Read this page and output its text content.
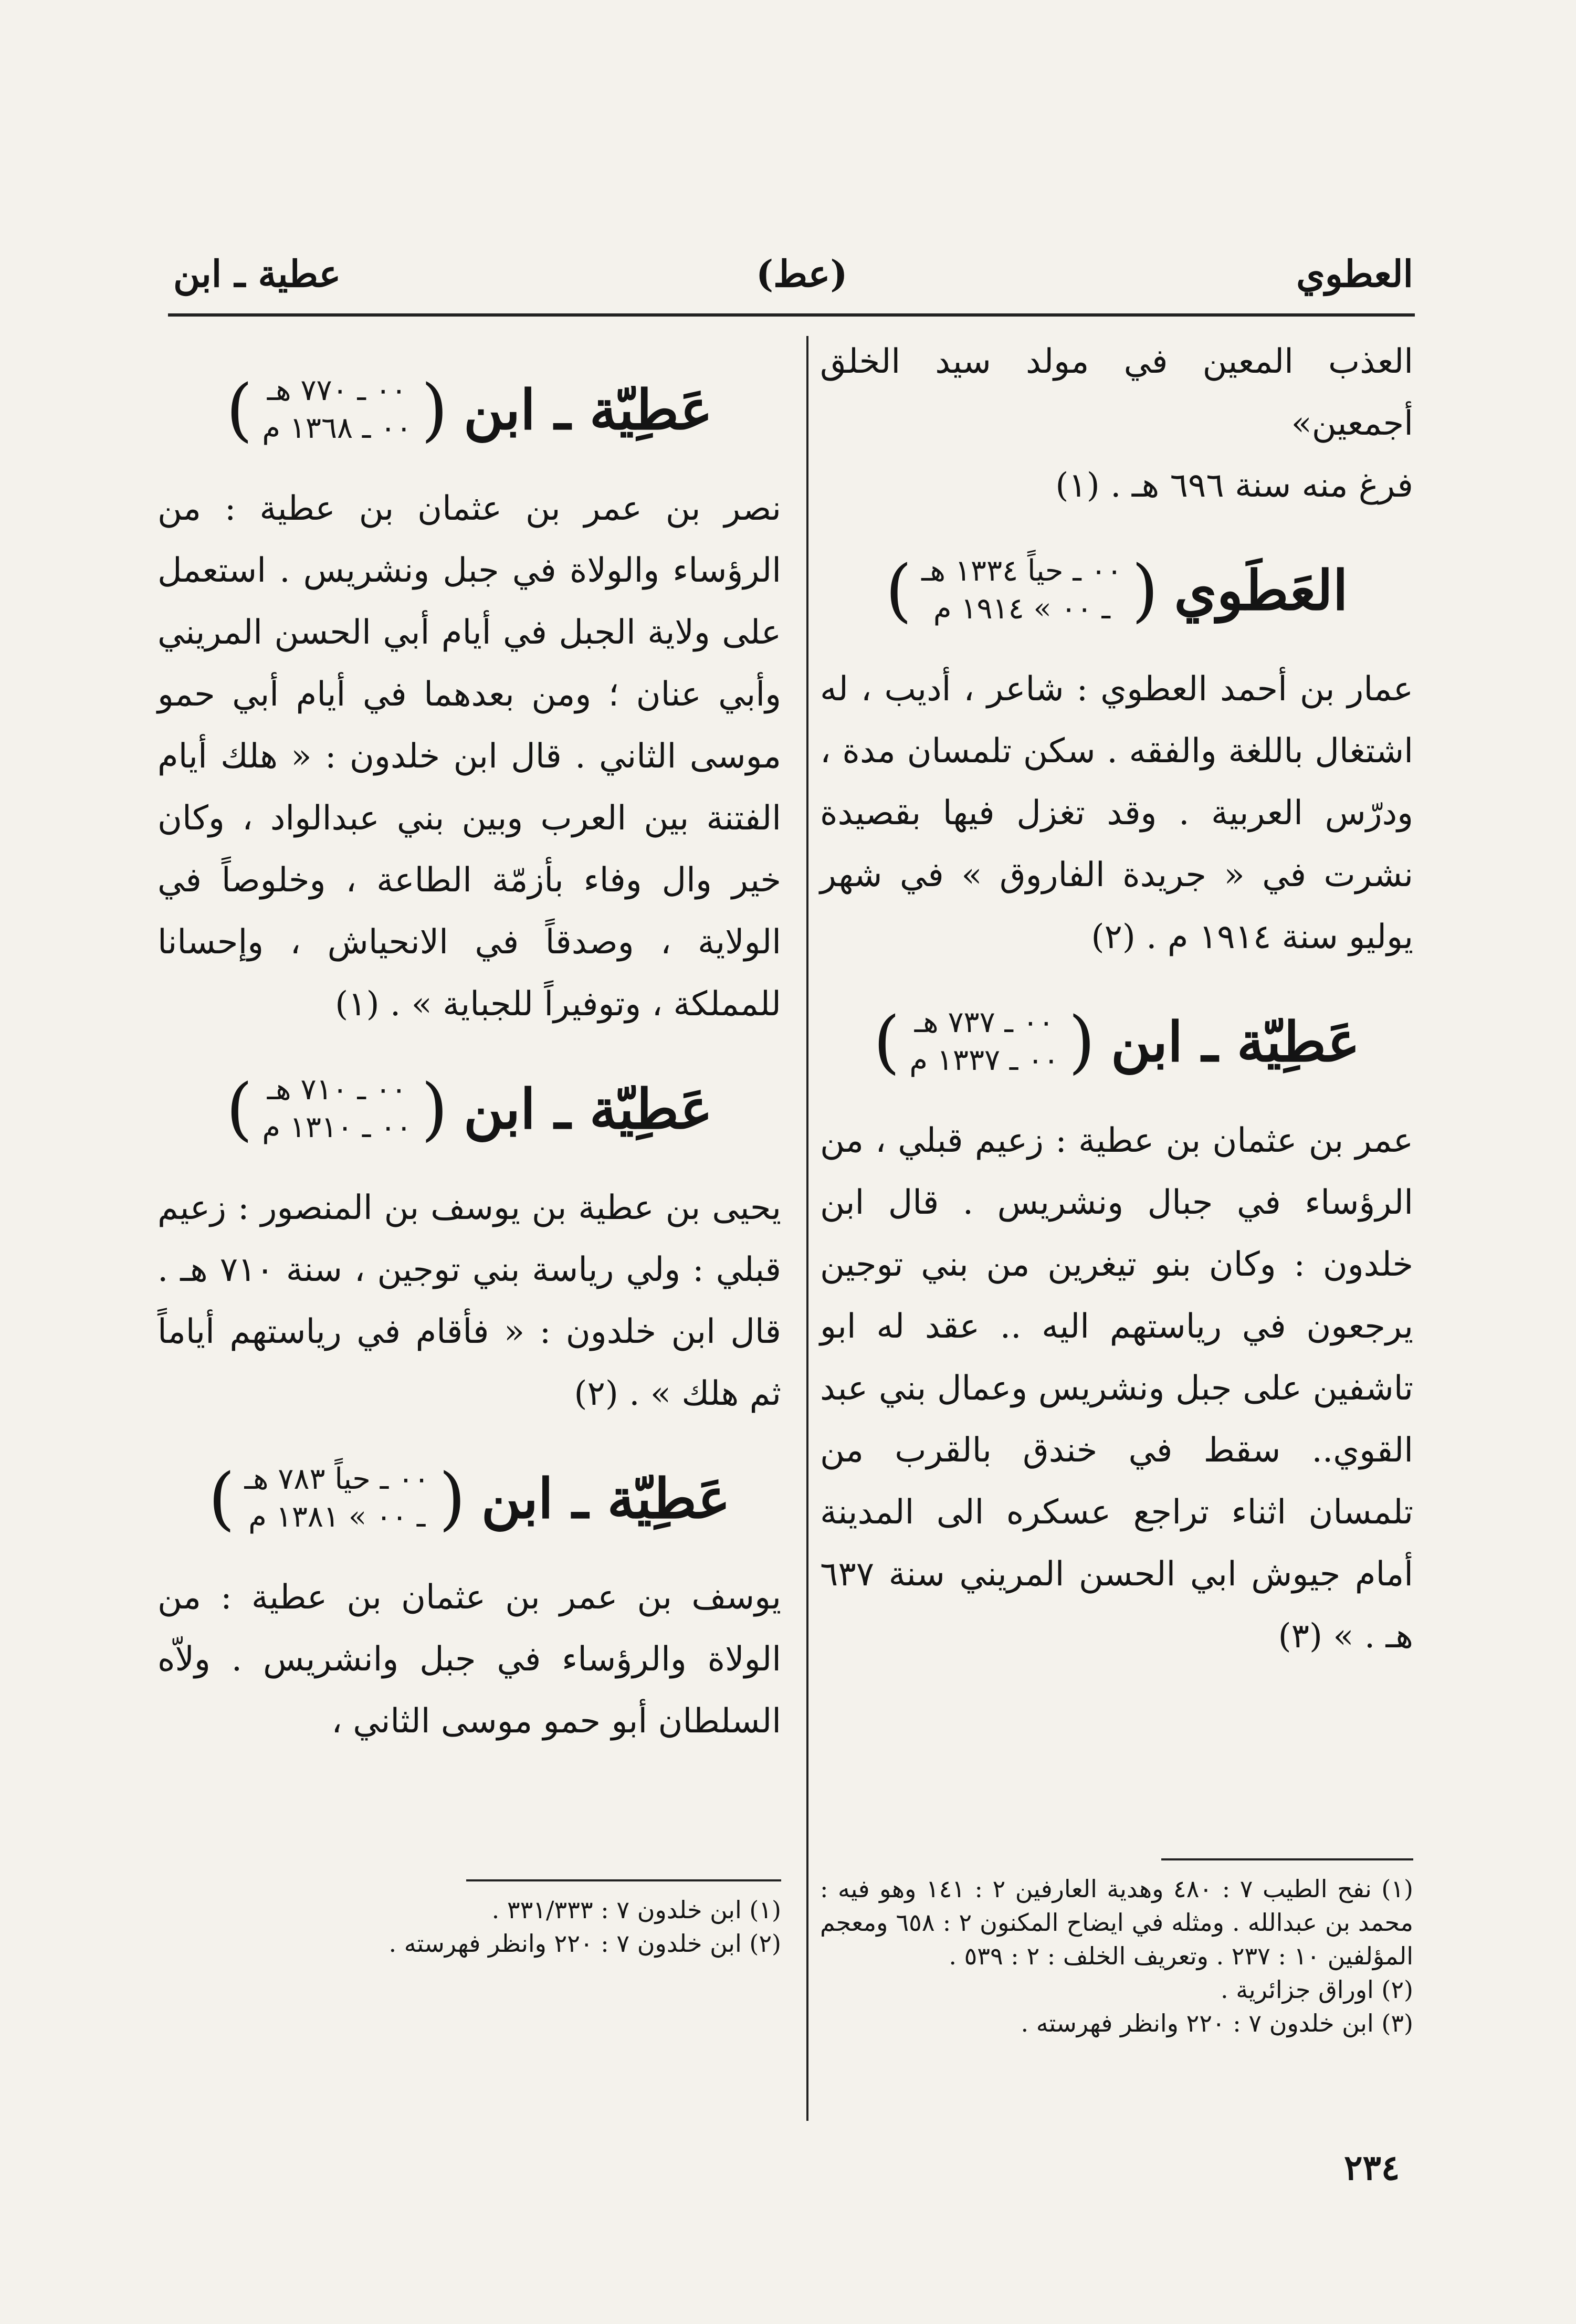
العطوي
(عط)
عطية ـ ابن

العذب المعين في مولد سيد الخلق أجمعين»

فرغ منه سنة ٦٩٦ هـ . (١)

العَطَوي
( ٠٠ ـ حياً ١٣٣٤ هـ
ـ ٠٠ » ١٩١٤ م )

عمار بن أحمد العطوي : شاعر ، أديب ، له اشتغال باللغة والفقه . سكن تلمسان مدة ، ودرّس العربية . وقد تغزل فيها بقصيدة نشرت في « جريدة الفاروق » في شهر يوليو سنة ١٩١٤ م . (٢)

عَطِيّة ـ ابن
( ٠٠ ـ ٧٣٧ هـ
٠٠ ـ ١٣٣٧ م )

عمر بن عثمان بن عطية : زعيم قبلي ، من الرؤساء في جبال ونشريس . قال ابن خلدون : وكان بنو تيغرين من بني توجين يرجعون في رياستهم اليه .. عقد له ابو تاشفين على جبل ونشريس وعمال بني عبد القوي.. سقط في خندق بالقرب من تلمسان اثناء تراجع عسكره الى المدينة أمام جيوش ابي الحسن المريني سنة ٦٣٧ هـ . » (٣)

(١) نفح الطيب ٧ : ٤٨٠ وهدية العارفين ٢ : ١٤١ وهو فيه : محمد بن عبدالله . ومثله في ايضاح المكنون ٢ : ٦٥٨ ومعجم المؤلفين ١٠ : ٢٣٧ . وتعريف الخلف : ٢ : ٥٣٩ .

(٢) اوراق جزائرية .

(٣) ابن خلدون ٧ : ٢٢٠ وانظر فهرسته .

عَطِيّة ـ ابن
( ٠٠ ـ ٧٧٠ هـ
٠٠ ـ ١٣٦٨ م )

نصر بن عمر بن عثمان بن عطية : من الرؤساء والولاة في جبل ونشريس . استعمل على ولاية الجبل في أيام أبي الحسن المريني وأبي عنان ؛ ومن بعدهما في أيام أبي حمو موسى الثاني . قال ابن خلدون : « هلك أيام الفتنة بين العرب وبين بني عبدالواد ، وكان خير وال وفاء بأزمّة الطاعة ، وخلوصاً في الولاية ، وصدقاً في الانحياش ، وإحسانا للمملكة ، وتوفيراً للجباية » . (١)

عَطِيّة ـ ابن
( ٠٠ ـ ٧١٠ هـ
٠٠ ـ ١٣١٠ م )

يحيى بن عطية بن يوسف بن المنصور : زعيم قبلي : ولي رياسة بني توجين ، سنة ٧١٠ هـ . قال ابن خلدون : « فأقام في رياستهم أياماً ثم هلك » . (٢)

عَطِيّة ـ ابن
( ٠٠ ـ حياً ٧٨٣ هـ
ـ ٠٠ » ١٣٨١ م )

يوسف بن عمر بن عثمان بن عطية : من الولاة والرؤساء في جبل وانشريس . ولاّه السلطان أبو حمو موسى الثاني ،

(١) ابن خلدون ٧ : ٣٣١/٣٣٣ .

(٢) ابن خلدون ٧ : ٢٢٠ وانظر فهرسته .

٢٣٤
